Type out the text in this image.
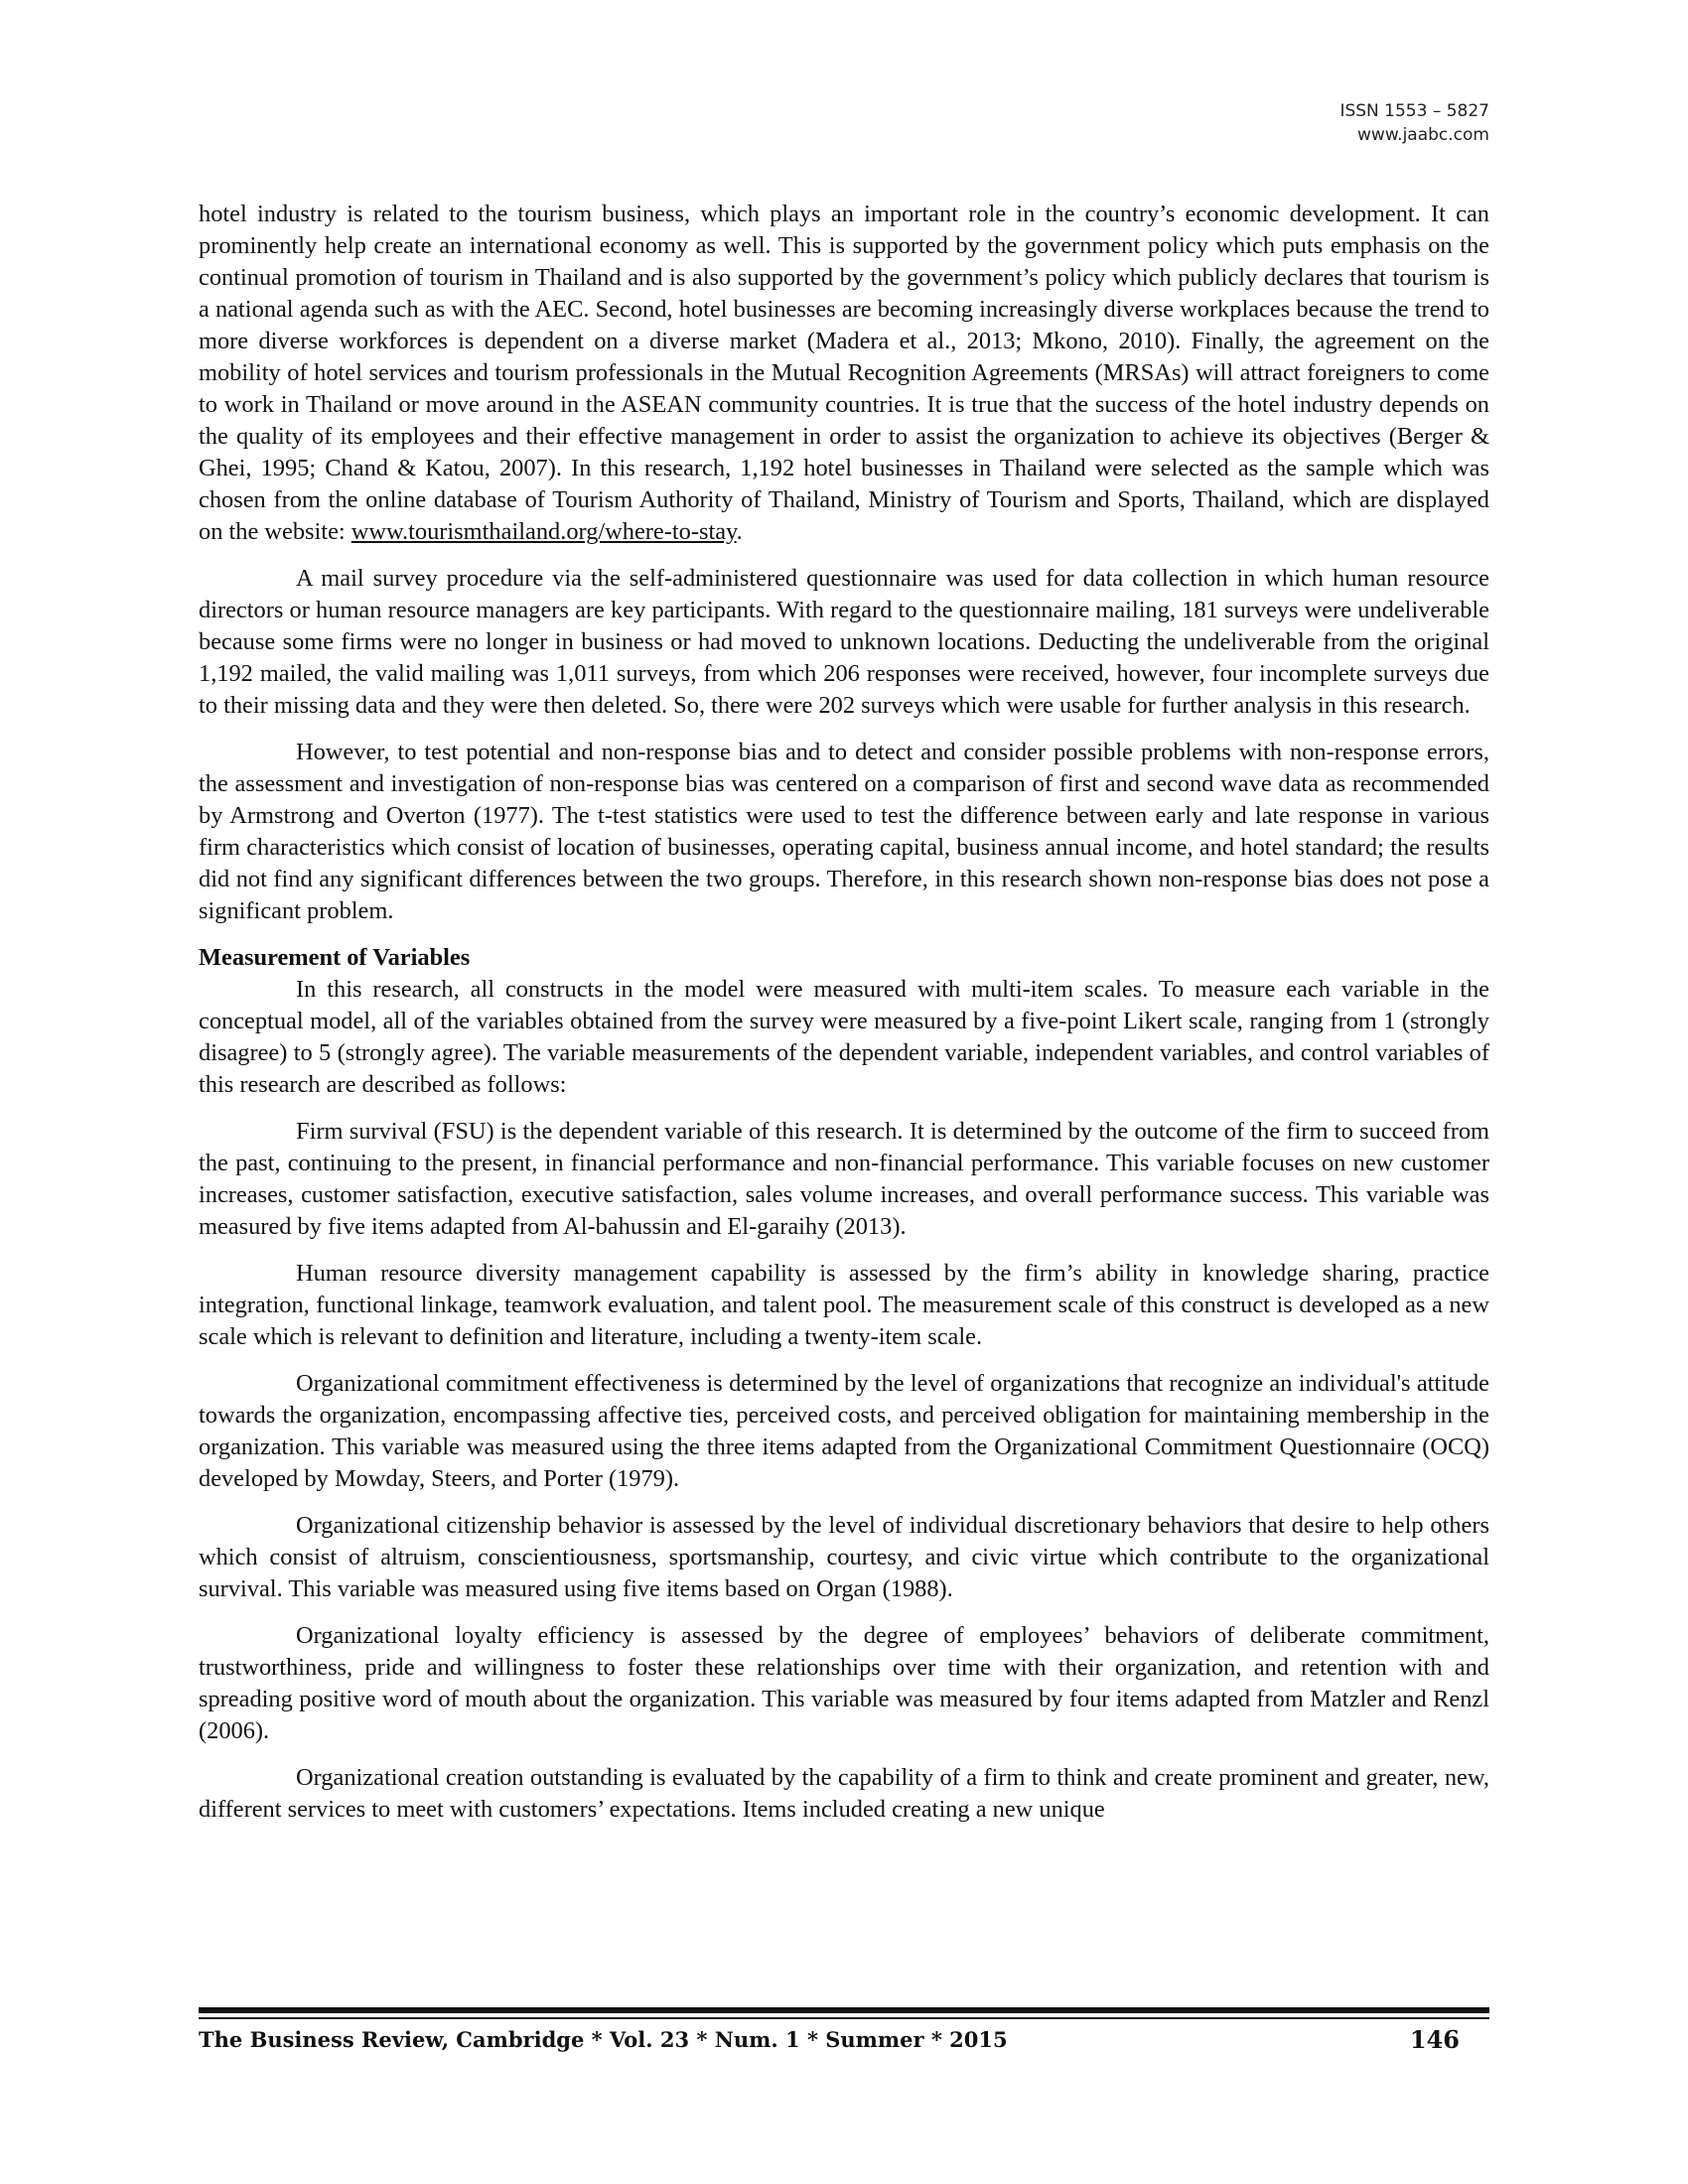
ISSN 1553 – 5827
www.jaabc.com

hotel industry is related to the tourism business, which plays an important role in the country’s economic development. It can prominently help create an international economy as well. This is supported by the government policy which puts emphasis on the continual promotion of tourism in Thailand and is also supported by the government’s policy which publicly declares that tourism is a national agenda such as with the AEC. Second, hotel businesses are becoming increasingly diverse workplaces because the trend to more diverse workforces is dependent on a diverse market (Madera et al., 2013; Mkono, 2010). Finally, the agreement on the mobility of hotel services and tourism professionals in the Mutual Recognition Agreements (MRSAs) will attract foreigners to come to work in Thailand or move around in the ASEAN community countries. It is true that the success of the hotel industry depends on the quality of its employees and their effective management in order to assist the organization to achieve its objectives (Berger & Ghei, 1995; Chand & Katou, 2007). In this research, 1,192 hotel businesses in Thailand were selected as the sample which was chosen from the online database of Tourism Authority of Thailand, Ministry of Tourism and Sports, Thailand, which are displayed on the website: www.tourismthailand.org/where-to-stay.

A mail survey procedure via the self-administered questionnaire was used for data collection in which human resource directors or human resource managers are key participants. With regard to the questionnaire mailing, 181 surveys were undeliverable because some firms were no longer in business or had moved to unknown locations. Deducting the undeliverable from the original 1,192 mailed, the valid mailing was 1,011 surveys, from which 206 responses were received, however, four incomplete surveys due to their missing data and they were then deleted. So, there were 202 surveys which were usable for further analysis in this research.

However, to test potential and non-response bias and to detect and consider possible problems with non-response errors, the assessment and investigation of non-response bias was centered on a comparison of first and second wave data as recommended by Armstrong and Overton (1977). The t-test statistics were used to test the difference between early and late response in various firm characteristics which consist of location of businesses, operating capital, business annual income, and hotel standard; the results did not find any significant differences between the two groups. Therefore, in this research shown non-response bias does not pose a significant problem.

Measurement of Variables

In this research, all constructs in the model were measured with multi-item scales. To measure each variable in the conceptual model, all of the variables obtained from the survey were measured by a five-point Likert scale, ranging from 1 (strongly disagree) to 5 (strongly agree). The variable measurements of the dependent variable, independent variables, and control variables of this research are described as follows:

Firm survival (FSU) is the dependent variable of this research. It is determined by the outcome of the firm to succeed from the past, continuing to the present, in financial performance and non-financial performance. This variable focuses on new customer increases, customer satisfaction, executive satisfaction, sales volume increases, and overall performance success. This variable was measured by five items adapted from Al-bahussin and El-garaihy (2013).

Human resource diversity management capability is assessed by the firm’s ability in knowledge sharing, practice integration, functional linkage, teamwork evaluation, and talent pool. The measurement scale of this construct is developed as a new scale which is relevant to definition and literature, including a twenty-item scale.

Organizational commitment effectiveness is determined by the level of organizations that recognize an individual's attitude towards the organization, encompassing affective ties, perceived costs, and perceived obligation for maintaining membership in the organization. This variable was measured using the three items adapted from the Organizational Commitment Questionnaire (OCQ) developed by Mowday, Steers, and Porter (1979).

Organizational citizenship behavior is assessed by the level of individual discretionary behaviors that desire to help others which consist of altruism, conscientiousness, sportsmanship, courtesy, and civic virtue which contribute to the organizational survival. This variable was measured using five items based on Organ (1988).

Organizational loyalty efficiency is assessed by the degree of employees’ behaviors of deliberate commitment, trustworthiness, pride and willingness to foster these relationships over time with their organization, and retention with and spreading positive word of mouth about the organization. This variable was measured by four items adapted from Matzler and Renzl (2006).

Organizational creation outstanding is evaluated by the capability of a firm to think and create prominent and greater, new, different services to meet with customers’ expectations. Items included creating a new unique

The Business Review, Cambridge * Vol. 23 * Num. 1 * Summer * 2015	146
